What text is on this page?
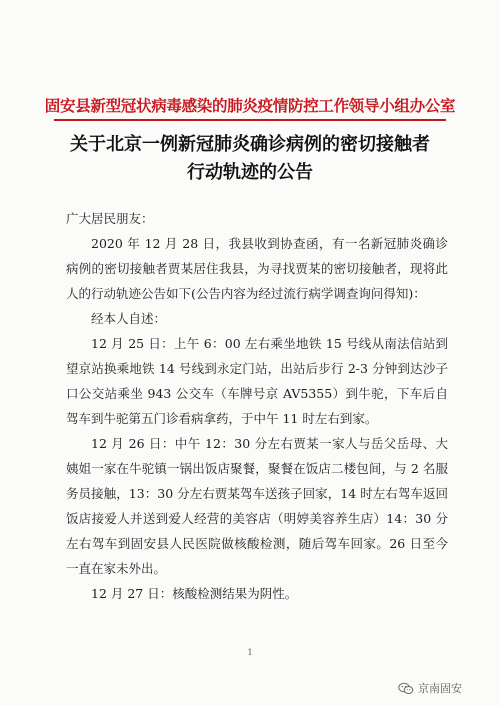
固安县新型冠状病毒感染的肺炎疫情防控工作领导小组办公室
关于北京一例新冠肺炎确诊病例的密切接触者
行动轨迹的公告

广大居民朋友：

2020 年 12 月 28 日，我县收到协查函，有一名新冠肺炎确诊病例的密切接触者贾某居住我县，为寻找贾某的密切接触者，现将此人的行动轨迹公告如下(公告内容为经过流行病学调查询问得知)：

经本人自述：

12 月 25 日：上午 6：00 左右乘坐地铁 15 号线从南法信站到望京站换乘地铁 14 号线到永定门站，出站后步行 2-3 分钟到达沙子口公交站乘坐 943 公交车（车牌号京 AV5355）到牛驼，下车后自驾车到牛驼第五门诊看病拿药，于中午 11 时左右到家。

12 月 26 日：中午 12：30 分左右贾某一家人与岳父岳母、大姨姐一家在牛驼镇一锅出饭店聚餐，聚餐在饭店二楼包间，与 2 名服务员接触，13：30 分左右贾某驾车送孩子回家，14 时左右驾车返回饭店接爱人并送到爱人经营的美容店（明婷美容养生店）14：30 分左右驾车到固安县人民医院做核酸检测，随后驾车回家。26 日至今一直在家未外出。

12 月 27 日：核酸检测结果为阴性。

1
京南固安
